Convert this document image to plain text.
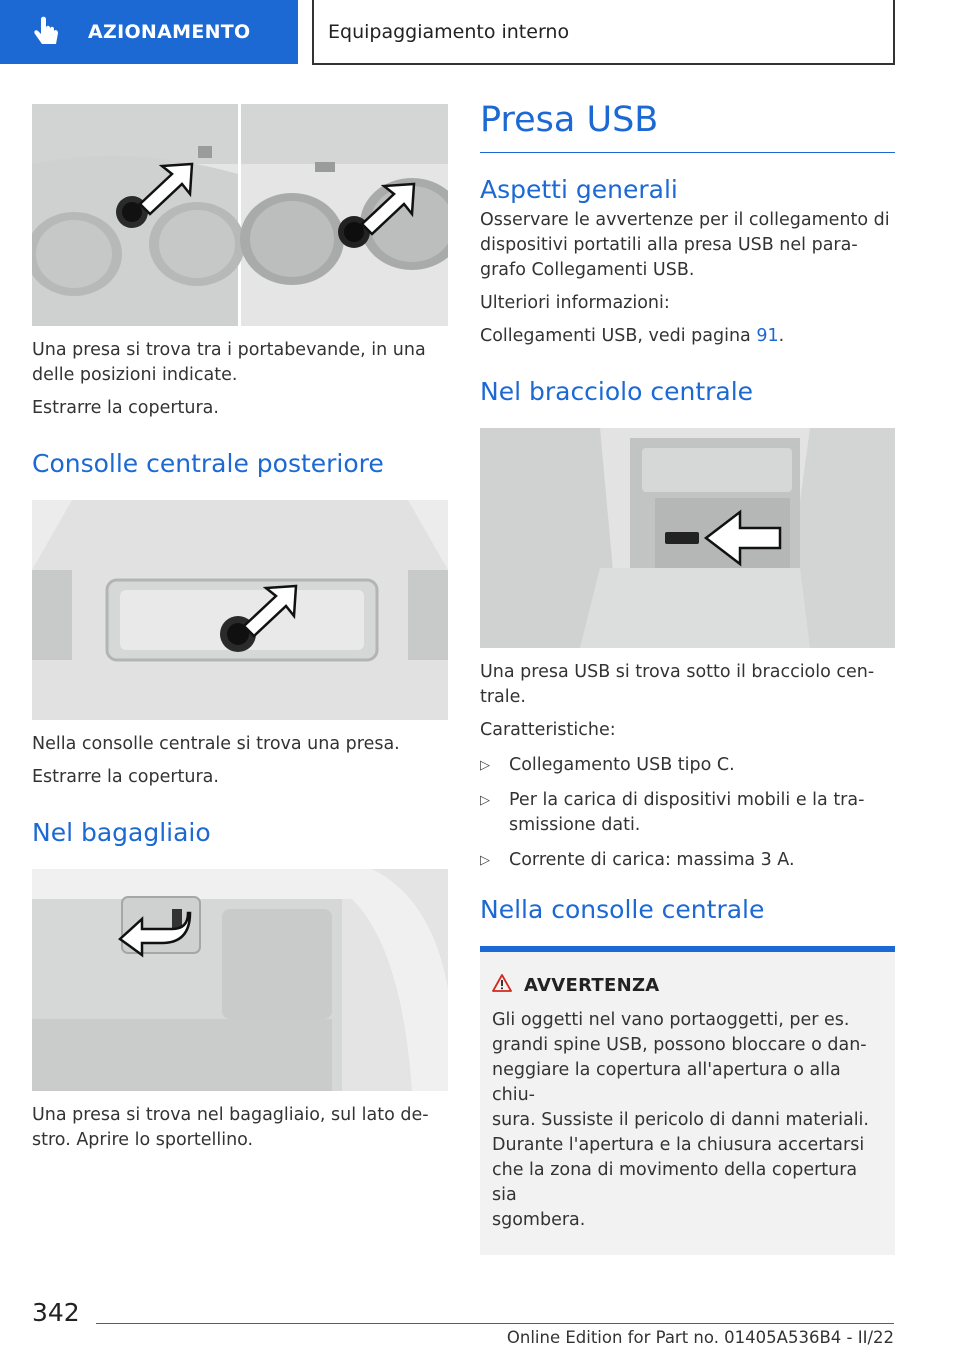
AZIONAMENTO	Equipaggiamento interno

Una presa si trova tra i portabevande, in una delle posizioni indicate.

Estrarre la copertura.

Consolle centrale posteriore

Nella consolle centrale si trova una presa.

Estrarre la copertura.

Nel bagagliaio

Una presa si trova nel bagagliaio, sul lato de-
stro. Aprire lo sportellino.

Presa USB
Aspetti generali

Osservare le avvertenze per il collegamento di
dispositivi portatili alla presa USB nel para-
grafo Collegamenti USB.

Ulteriori informazioni:

Collegamenti USB, vedi pagina 91.

Nel bracciolo centrale

Una presa USB si trova sotto il bracciolo cen-
trale.

Caratteristiche:

▷ Collegamento USB tipo C.
▷ Per la carica di dispositivi mobili e la tra-
smissione dati.
▷ Corrente di carica: massima 3 A.
Nella consolle centrale
AVVERTENZA

Gli oggetti nel vano portaoggetti, per es.
grandi spine USB, possono bloccare o dan-
neggiare la copertura all'apertura o alla chiu-
sura. Sussiste il pericolo di danni materiali.
Durante l'apertura e la chiusura accertarsi
che la zona di movimento della copertura sia
sgombera.

342
Online Edition for Part no. 01405A536B4 - II/22
